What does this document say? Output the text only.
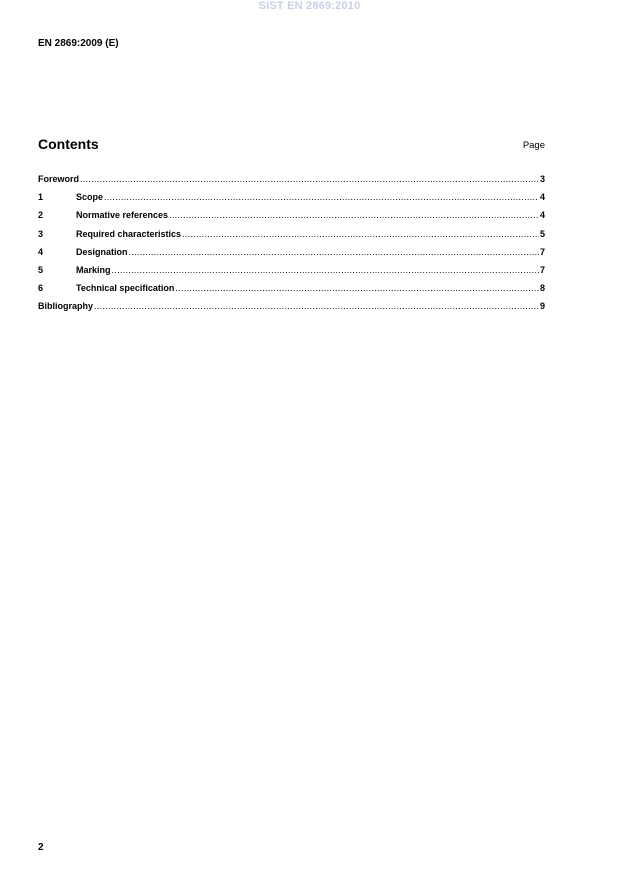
SIST EN 2869:2010
EN 2869:2009 (E)
Contents	Page
Foreword .....	3
1	Scope .....	4
2	Normative references .....	4
3	Required characteristics .....	5
4	Designation .....	7
5	Marking .....	7
6	Technical specification .....	8
Bibliography .....	9
2
